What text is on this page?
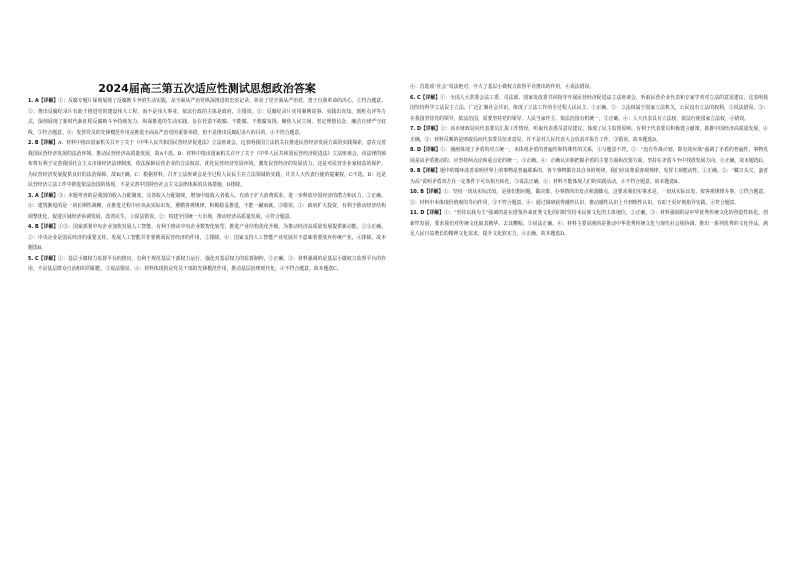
2024届高三第五次适应性测试思想政治答案

1. A【详解】①：反腐专题片深刻展现了反腐败斗争的生动实践，是全面从严治党纵深推进的忠实记录，彰显了党全面从严治党、勇于自我革命的决心，②符合题意。②：推出反腐纪录片有助于推进党的建设伟大工程，而不是伟大事业，依法行政的主体是政府，③错误。③：反腐纪录片实用案例说事、实践出真知，剖析点评等方式，深刻展现了新时代新征程反腐败斗争持续发力、纵深推进的生动实践，旨在营造不敢腐、不能腐、不想腐氛围，聚焦人民立场，坚定理想信念，廉洁自律严守底线，③符合题意。④：发挥党员的先锋模范作用是推进全面从严治党的重要举措，但不是推出反腐纪录片的目的，④不符合题意。

2. B【详解】A：材料中指出国家机关召开了关于《中华人民共和国民营经济促进法》立法座谈会，这表明我国立法机关在推进民营经济发展方面的实践探索，意在完善我国民营经济发展的法治环境，推动民营经济高质量发展，故A不选。B：材料中指出国家机关召开了关于《中华人民共和国民营经济促进法》立法座谈会，该法律的颁布将有利于完善我国社会主义市场经济法律制度，依法保障民营企业的合法权益，优化民营经济发展环境，激发民营经济的发展活力，这是对民营企业家权益的保护，为民营经济发展提供良好的法治保障，故B正确。C：根据材料，召开立法座谈会是全过程人民民主在立法领域的实践，并非人大代表行使的提案权，C不选。D：这是民营经济立法工作中推进依法治国的体现，不是完善中国特色社会主义法律体系的具体措施，D排除。

3. A【详解】③：本题考查的是我国的收入分配制度，完善收入分配制度，增加中低收入者收入，有助于扩大消费需求，进一步释放中国经济的潜力和活力，②正确。④：建筑渐进的是一项长期性战略，在推进过程中应该从实际出发，遵循客观规律，积极稳妥推进，不能一蹴而就，③错误。①：政府扩大投资，有利于推动经济结构调整优化，促进区域经济协调发展，改善民生，①说法错误。②：构建全国统一大市场，推动经济高质量发展，④符合题意。

4. B【详解】①③：国家部署中央企业加快发展人工智能，有利于推动中央企业数智化转型，推进产业结构优化升级，为推动经济高质量发展提供新动能，①③正确。②：中央企业是国民经济的重要支柱，发展人工智能并非要削弱民营经济的作用，②排除。④：国家支持人工智能产业发展并不意味着要放弃传统产业，④排除。故本题选B。

5. C【详解】①：基层小微权力监督平台的推出，有利于规范基层干部权力运行，强化对基层权力的监督制约，②正确。③：材料强调的是基层小微权力监督平台的作用，不是基层群众自治组织的职能，③说法错误。④：材料体现的是党员干部的先锋模范作用，推动基层治理现代化，④不符合题意。故本题选C。

④：首选项“社会”说法绝对，夸大了基层小微权力监督平台推出的作用，④说法错误。

6. C【详解】①：全国人大常委会法工委、司法部、国家发改委共同指导开展民营经济促进法立法座谈会，听取民营企业代表和专家学者对立法的意见建议，这表明我国坚持科学立法民主立法，广泛汇聚社会共识，体现了立法工作的全过程人民民主，①正确。②：立法权属于国家立法机关，公民没有立法的权利，②说法错误。③：在我国坚持党的领导，依法治国，需要坚持党的领导、人民当家作主、依法治国有机统一，③正确。④：人大代表具有立法权，依法行使国家立法权，④错误。

7. D【详解】①：该市财政局向代表委员汇报工作情况，听取代表委员意见建议，体现了民主监督原则，有利于代表委员积极建言献策，助推中国经济高质量发展，④正确。③：材料反映的是财政局向代表委员征求意见，并不是对人民代表大会负责并报告工作，③错误。故本题选D。

8. D【详解】①：漫画体现了矛盾的对立统一，未体现矛盾的普遍性和特殊性的关系，①与题意不符。②：“没有作战计划，即有效应战”强调了矛盾的普遍性，事物发展是由矛盾推动的，应坚持两点论和重点论的统一，③正确。④：正确认识和把握矛盾的主要方面和次要方面，坚持在矛盾斗争中找准发展方向，④正确。故本题选D。

9. B【详解】题中的循环改善说明世界上的事物是普遍联系的，各个事物都有其自身的规律，我们应该尊重客观规律，发挥主观能动性，①正确。②：“藏日头欠，蛮者为高”说明矛盾双方在一定条件下可以相互转化，③说法正确。④：材料不能体现人们的实践活动，④不符合题意。故本题选B。

10. B【详解】①：坚持一切从实际出发，是我们想问题、做决策、办事情的出发点和落脚点，这要求我们实事求是，一切从实际出发，按客观规律办事，②符合题意。③：材料中未体现价值观的导向作用，③不符合题意。④：通过调研获得感性认识，推动感性认识上升到理性认识，有助于更好地指导实践，④符合题意。

11. D【详解】①：“坚持以我为主”强调的是在借鉴外来优秀文化的同时坚持本民族文化的主体地位，②正确。③：材料强调的是中华优秀传统文化的创造性转化、创新性发展，要求我们对传统文化取其精华、去其糟粕，③说法正确。④：材料主要说明的是推动中华优秀传统文化与现代社会相协调，推出一系列优秀的文化作品，满足人民日益增长的精神文化需求，提升文化软实力，④正确。故本题选D。
